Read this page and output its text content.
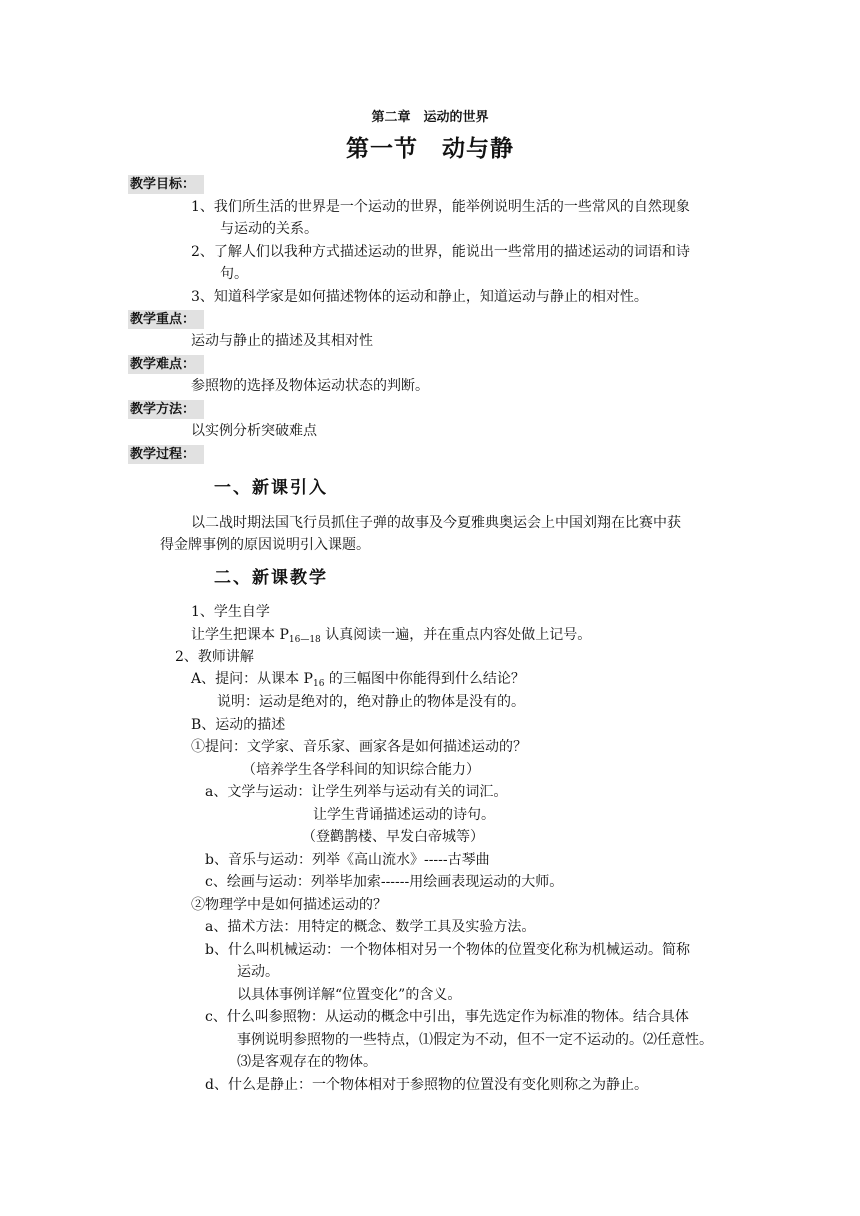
第二章　运动的世界
第一节　动与静
教学目标：
1、我们所生活的世界是一个运动的世界，能举例说明生活的一些常风的自然现象
与运动的关系。
2、了解人们以我种方式描述运动的世界，能说出一些常用的描述运动的词语和诗
句。
3、知道科学家是如何描述物体的运动和静止，知道运动与静止的相对性。
教学重点：
运动与静止的描述及其相对性
教学难点：
参照物的选择及物体运动状态的判断。
教学方法：
以实例分析突破难点
教学过程：
一、新课引入
以二战时期法国飞行员抓住子弹的故事及今夏雅典奥运会上中国刘翔在比赛中获
得金牌事例的原因说明引入课题。
二、新课教学
1、学生自学
让学生把课本 $P_{16—18}$ 认真阅读一遍，并在重点内容处做上记号。
2、教师讲解
A、提问：从课本 $P_{16}$ 的三幅图中你能得到什么结论？
说明：运动是绝对的，绝对静止的物体是没有的。
B、运动的描述
①提问：文学家、音乐家、画家各是如何描述运动的？
（培养学生各学科间的知识综合能力）
a、文学与运动：让学生列举与运动有关的词汇。
让学生背诵描述运动的诗句。
（登鹳鹊楼、早发白帝城等）
b、音乐与运动：列举《高山流水》-----古琴曲
c、绘画与运动：列举毕加索------用绘画表现运动的大师。
②物理学中是如何描述运动的？
a、描术方法：用特定的概念、数学工具及实验方法。
b、什么叫机械运动：一个物体相对另一个物体的位置变化称为机械运动。简称
运动。
以具体事例详解“位置变化”的含义。
c、什么叫参照物：从运动的概念中引出，事先选定作为标准的物体。结合具体
事例说明参照物的一些特点，⑴假定为不动，但不一定不运动的。⑵任意性。
⑶是客观存在的物体。
d、什么是静止：一个物体相对于参照物的位置没有变化则称之为静止。
